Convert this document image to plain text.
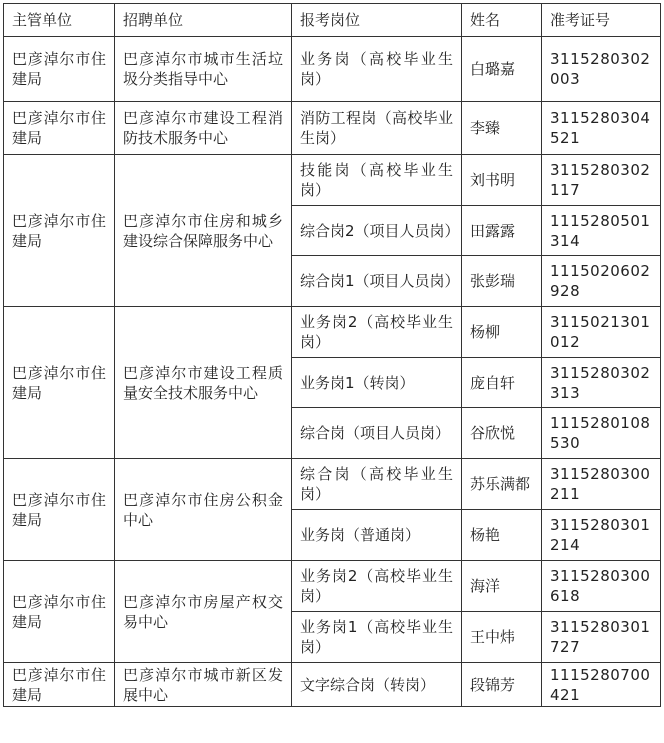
主管单位	招聘单位	报考岗位	姓名	准考证号
巴彦淖尔市住建局	巴彦淖尔市城市生活垃圾分类指导中心	业务岗（高校毕业生岗）	白璐嘉	3115280302003
巴彦淖尔市住建局	巴彦淖尔市建设工程消防技术服务中心	消防工程岗（高校毕业生岗）	李臻	3115280304521
巴彦淖尔市住建局	巴彦淖尔市住房和城乡建设综合保障服务中心	技能岗（高校毕业生岗）	刘书明	3115280302117
		综合岗2（项目人员岗）	田露露	1115280501314
		综合岗1（项目人员岗）	张彭瑞	1115020602928
巴彦淖尔市住建局	巴彦淖尔市建设工程质量安全技术服务中心	业务岗2（高校毕业生岗）	杨柳	3115021301012
		业务岗1（转岗）	庞自轩	3115280302313
		综合岗（项目人员岗）	谷欣悦	1115280108530
巴彦淖尔市住建局	巴彦淖尔市住房公积金中心	综合岗（高校毕业生岗）	苏乐满都	3115280300211
		业务岗（普通岗）	杨艳	3115280301214
巴彦淖尔市住建局	巴彦淖尔市房屋产权交易中心	业务岗2（高校毕业生岗）	海洋	3115280300618
		业务岗1（高校毕业生岗）	王中炜	3115280301727
巴彦淖尔市住建局	巴彦淖尔市城市新区发展中心	文字综合岗（转岗）	段锦芳	1115280700421
